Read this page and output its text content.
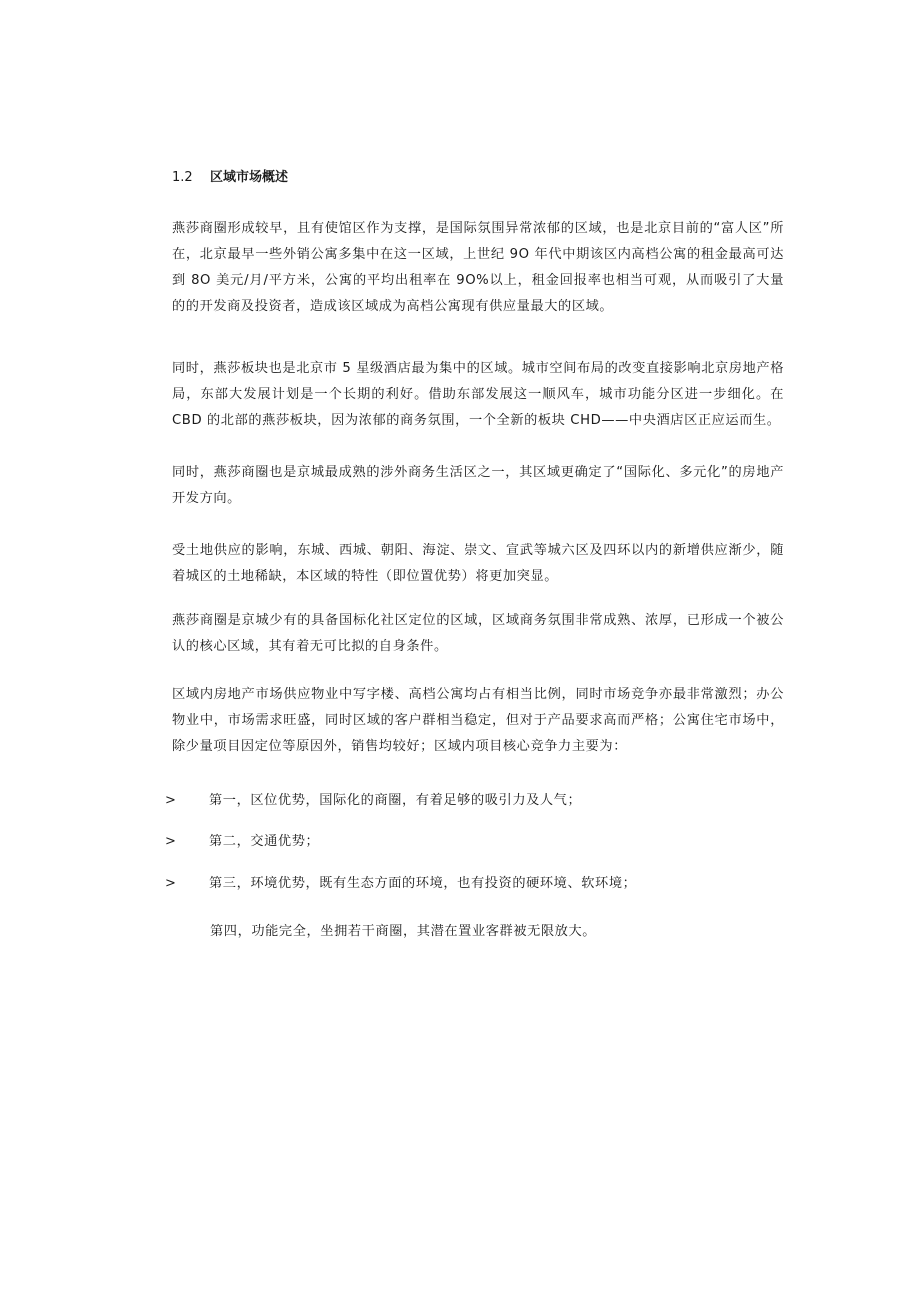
1.2 区域市场概述

燕莎商圈形成较早，且有使馆区作为支撑，是国际氛围异常浓郁的区域，也是北京目前的“富人区”所在，北京最早一些外销公寓多集中在这一区域，上世纪 9O 年代中期该区内高档公寓的租金最高可达到 8O 美元/月/平方米，公寓的平均出租率在 9O%以上，租金回报率也相当可观，从而吸引了大量的的开发商及投资者，造成该区域成为高档公寓现有供应量最大的区域。

同时，燕莎板块也是北京市 5 星级酒店最为集中的区域。城市空间布局的改变直接影响北京房地产格局，东部大发展计划是一个长期的利好。借助东部发展这一顺风车，城市功能分区进一步细化。在 CBD 的北部的燕莎板块，因为浓郁的商务氛围，一个全新的板块 CHD——中央酒店区正应运而生。

同时，燕莎商圈也是京城最成熟的涉外商务生活区之一，其区域更确定了“国际化、多元化”的房地产开发方向。

受土地供应的影响，东城、西城、朝阳、海淀、崇文、宣武等城六区及四环以内的新增供应渐少，随着城区的土地稀缺，本区域的特性（即位置优势）将更加突显。

燕莎商圈是京城少有的具备国标化社区定位的区域，区域商务氛围非常成熟、浓厚，已形成一个被公认的核心区域，其有着无可比拟的自身条件。

区域内房地产市场供应物业中写字楼、高档公寓均占有相当比例，同时市场竞争亦最非常激烈；办公物业中，市场需求旺盛，同时区域的客户群相当稳定，但对于产品要求高而严格；公寓住宅市场中，除少量项目因定位等原因外，销售均较好；区域内项目核心竞争力主要为：

> 第一，区位优势，国际化的商圈，有着足够的吸引力及人气；
> 第二，交通优势；
> 第三，环境优势，既有生态方面的环境，也有投资的硬环境、软环境；
第四，功能完全，坐拥若干商圈，其潜在置业客群被无限放大。
